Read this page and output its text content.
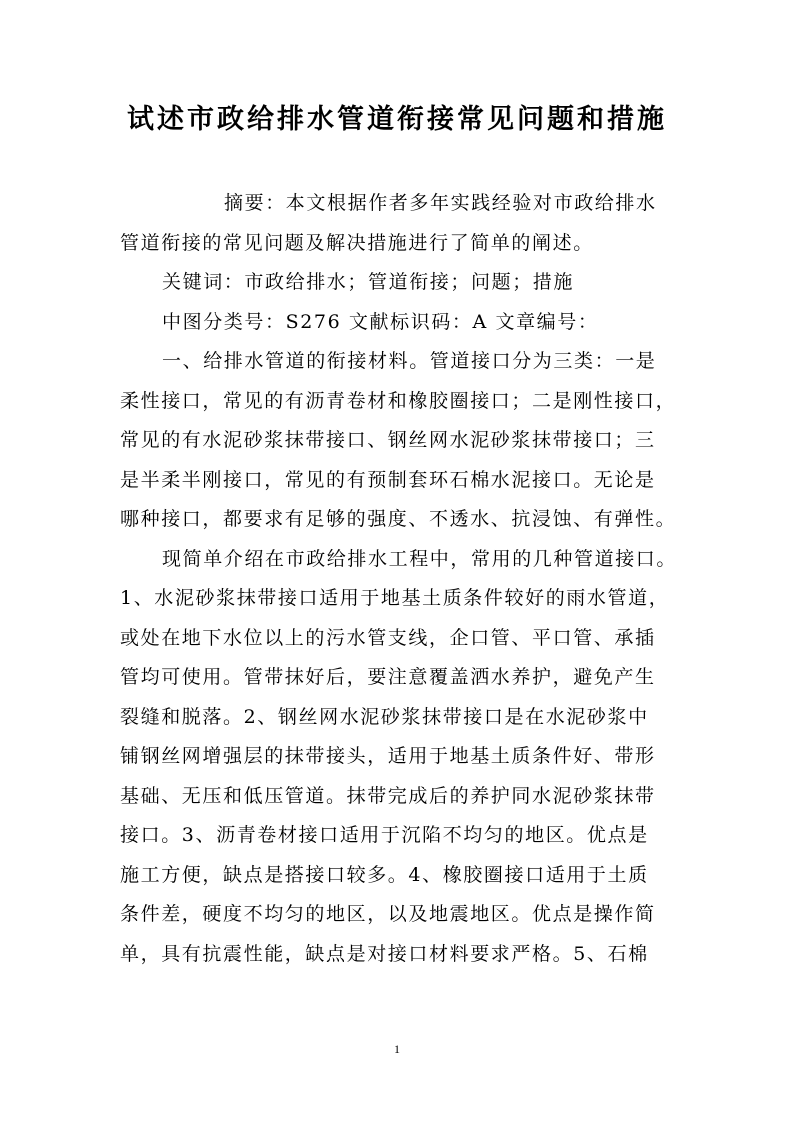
试述市政给排水管道衔接常见问题和措施
摘要：本文根据作者多年实践经验对市政给排水
管道衔接的常见问题及解决措施进行了简单的阐述。
关键词：市政给排水；管道衔接；问题；措施
中图分类号：S276 文献标识码：A 文章编号：
一、给排水管道的衔接材料。管道接口分为三类：一是
柔性接口，常见的有沥青卷材和橡胶圈接口；二是刚性接口，
常见的有水泥砂浆抹带接口、钢丝网水泥砂浆抹带接口；三
是半柔半刚接口，常见的有预制套环石棉水泥接口。无论是
哪种接口，都要求有足够的强度、不透水、抗浸蚀、有弹性。
现简单介绍在市政给排水工程中，常用的几种管道接口。
1、水泥砂浆抹带接口适用于地基土质条件较好的雨水管道，
或处在地下水位以上的污水管支线，企口管、平口管、承插
管均可使用。管带抹好后，要注意覆盖洒水养护，避免产生
裂缝和脱落。2、钢丝网水泥砂浆抹带接口是在水泥砂浆中
铺钢丝网增强层的抹带接头，适用于地基土质条件好、带形
基础、无压和低压管道。抹带完成后的养护同水泥砂浆抹带
接口。3、沥青卷材接口适用于沉陷不均匀的地区。优点是
施工方便，缺点是搭接口较多。4、橡胶圈接口适用于土质
条件差，硬度不均匀的地区，以及地震地区。优点是操作简
单，具有抗震性能，缺点是对接口材料要求严格。5、石棉
1
